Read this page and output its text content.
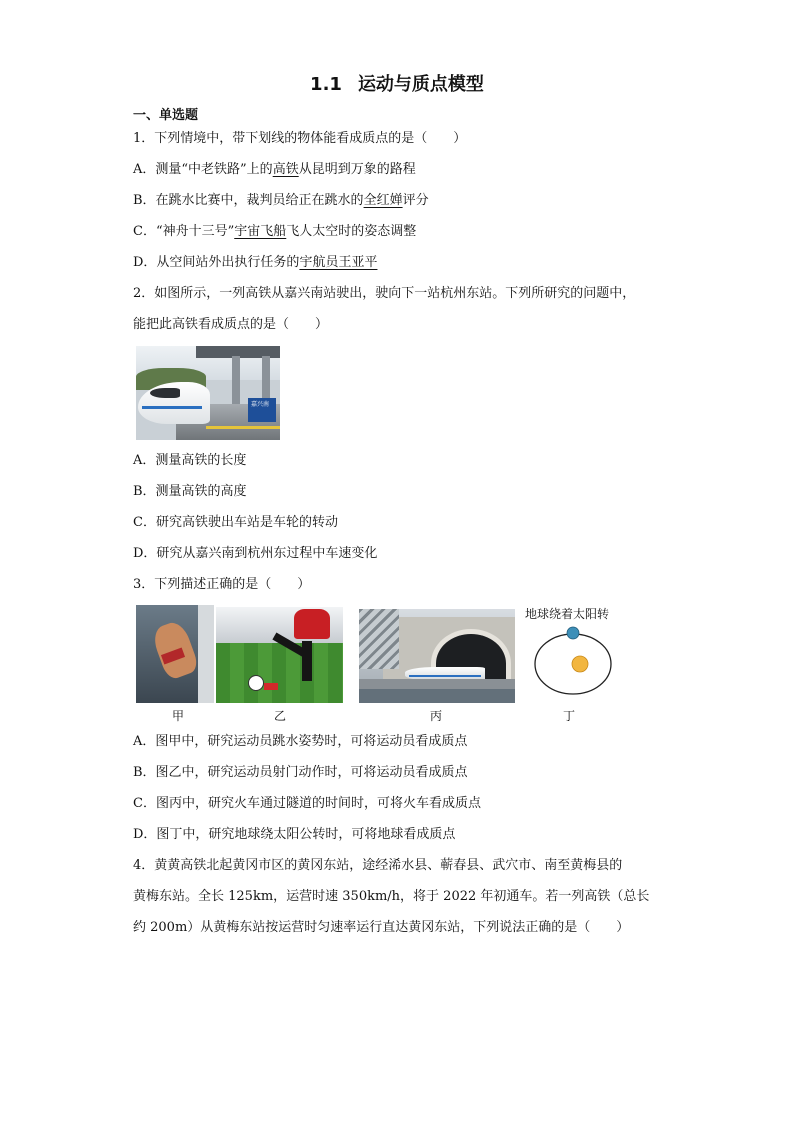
1.1 运动与质点模型
一、单选题
1．下列情境中，带下划线的物体能看成质点的是（　　）
A．测量“中老铁路”上的高铁从昆明到万象的路程
B．在跳水比赛中，裁判员给正在跳水的全红婵评分
C．“神舟十三号”宇宙飞船飞人太空时的姿态调整
D．从空间站外出执行任务的宇航员王亚平
2．如图所示，一列高铁从嘉兴南站驶出，驶向下一站杭州东站。下列所研究的问题中，
能把此高铁看成质点的是（　　）
嘉兴南
A．测量高铁的长度
B．测量高铁的高度
C．研究高铁驶出车站是车轮的转动
D．研究从嘉兴南到杭州东过程中车速变化
3．下列描述正确的是（　　）
地球绕着太阳转
甲	乙	丙	丁
A．图甲中，研究运动员跳水姿势时，可将运动员看成质点
B．图乙中，研究运动员射门动作时，可将运动员看成质点
C．图丙中，研究火车通过隧道的时间时，可将火车看成质点
D．图丁中，研究地球绕太阳公转时，可将地球看成质点
4．黄黄高铁北起黄冈市区的黄冈东站，途经浠水县、蕲春县、武穴市、南至黄梅县的
黄梅东站。全长 125km，运营时速 350km/h，将于 2022 年初通车。若一列高铁（总长
约 200m）从黄梅东站按运营时匀速率运行直达黄冈东站，下列说法正确的是（　　）
